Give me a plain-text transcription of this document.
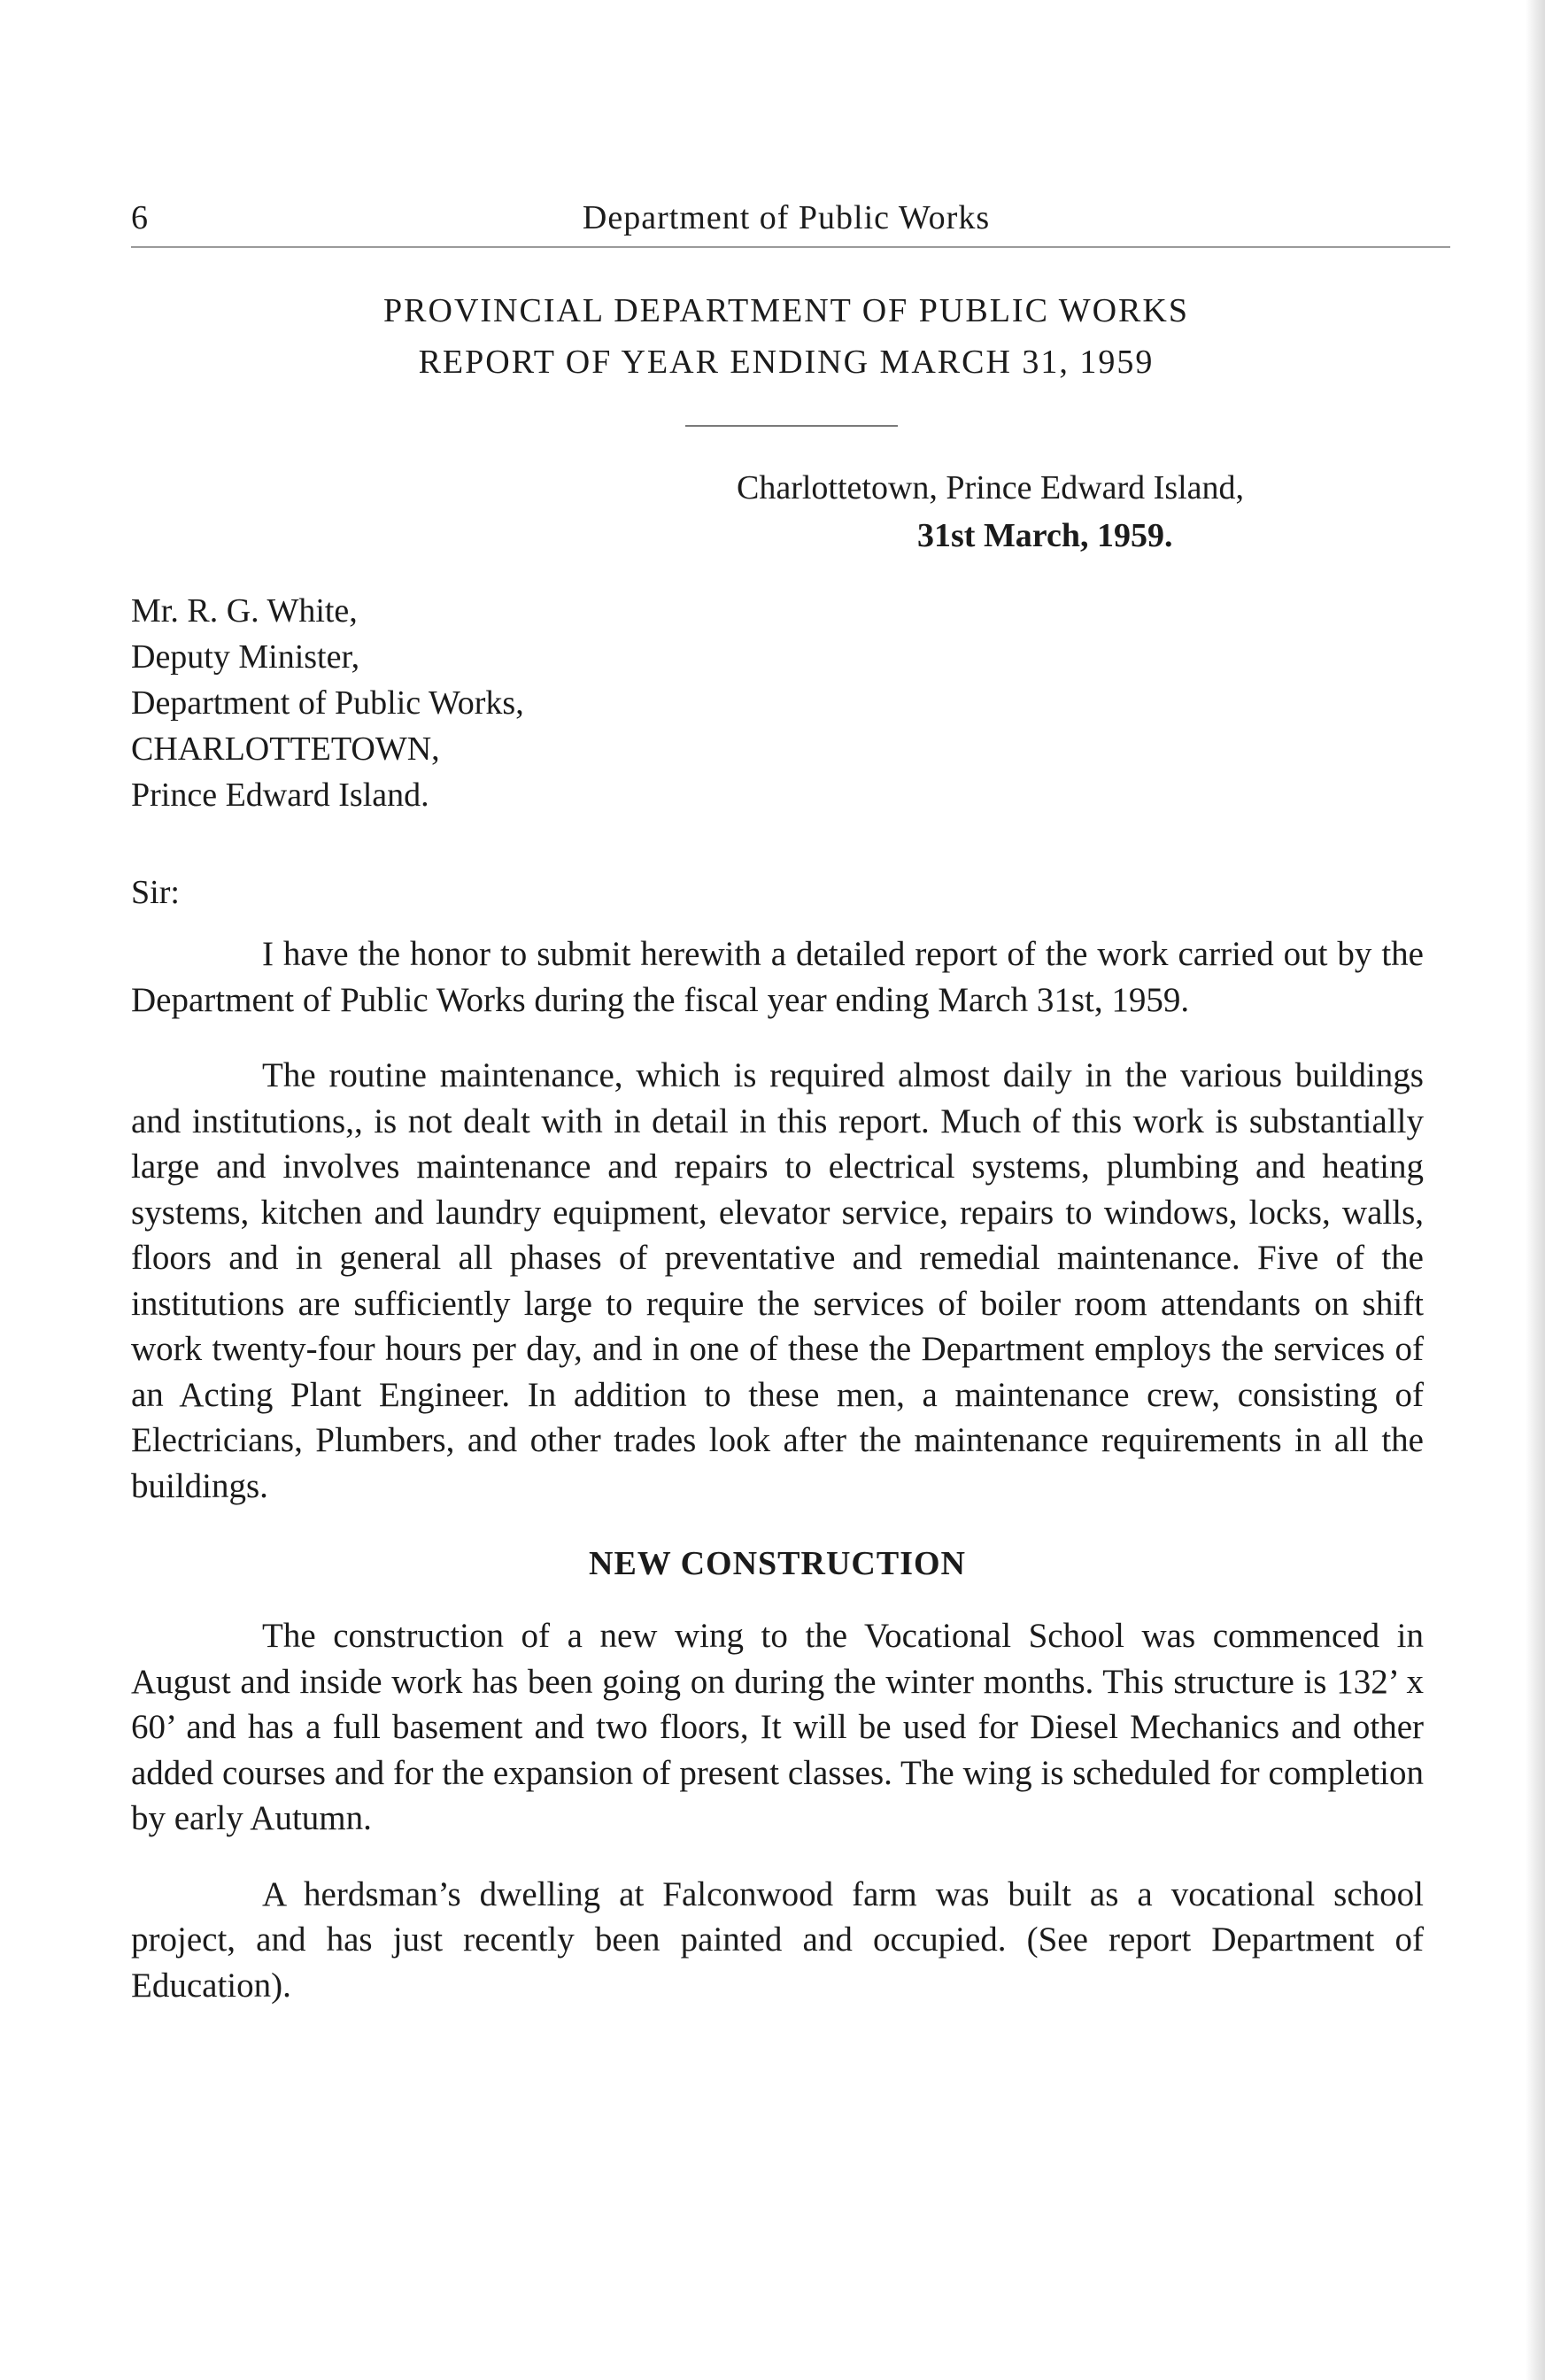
6	Department of Public Works
PROVINCIAL DEPARTMENT OF PUBLIC WORKS
REPORT OF YEAR ENDING MARCH 31, 1959
Charlottetown, Prince Edward Island,
31st March, 1959.
Mr. R. G. White,
Deputy Minister,
Department of Public Works,
CHARLOTTETOWN,
Prince Edward Island.
Sir:

I have the honor to submit herewith a detailed report of the work carried out by the Department of Public Works during the fiscal year ending March 31st, 1959.

The routine maintenance, which is required almost daily in the various buildings and institutions,, is not dealt with in detail in this report. Much of this work is substantially large and involves maintenance and repairs to electrical systems, plumbing and heating systems, kitchen and laundry equipment, elevator service, repairs to windows, locks, walls, floors and in general all phases of preventative and remedial maintenance. Five of the institutions are sufficiently large to require the services of boiler room attendants on shift work twenty-four hours per day, and in one of these the Department employs the services of an Acting Plant Engineer. In addition to these men, a maintenance crew, consisting of Electricians, Plumbers, and other trades look after the maintenance requirements in all the buildings.

NEW CONSTRUCTION

The construction of a new wing to the Vocational School was commenced in August and inside work has been going on during the winter months. This structure is 132’ x 60’ and has a full basement and two floors, It will be used for Diesel Mechanics and other added courses and for the expansion of present classes. The wing is scheduled for completion by early Autumn.

A herdsman’s dwelling at Falconwood farm was built as a vocational school project, and has just recently been painted and occupied. (See report Department of Education).
